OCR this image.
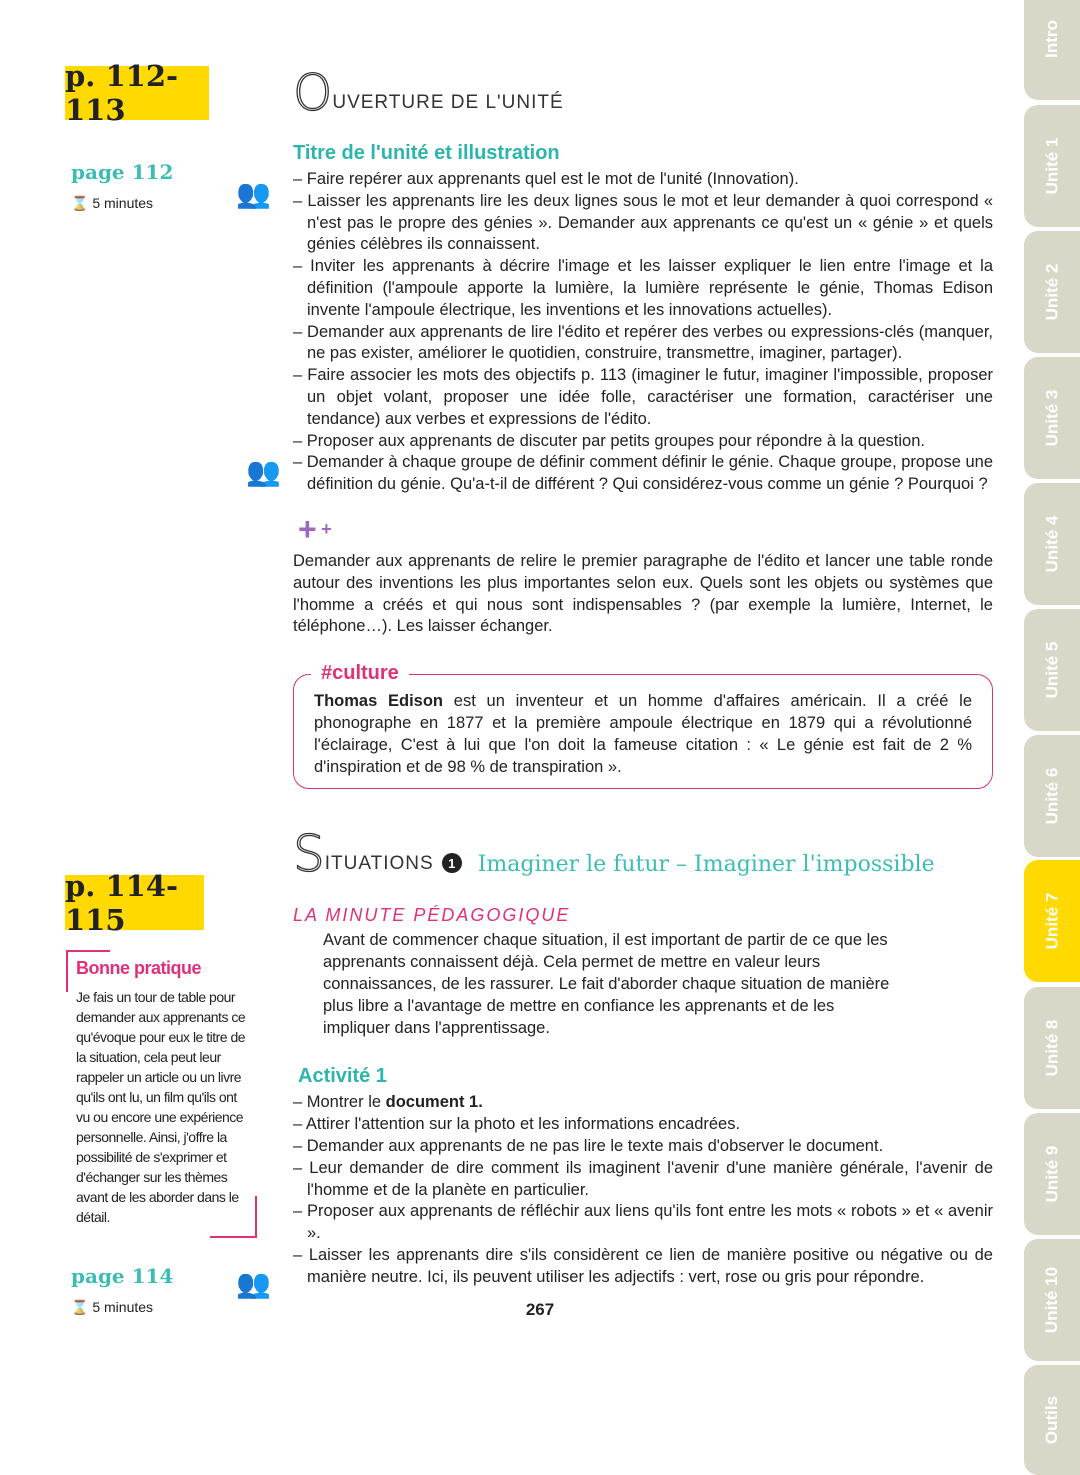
Intro
Unité 1
Unité 2
Unité 3
Unité 4
Unité 5
Unité 6
Unité 7
Unité 8
Unité 9
Unité 10
Outils
p. 112-113
page 112
⌛ 5 minutes	👥
👥
p. 114-115
Bonne pratique
Je fais un tour de table pour demander aux apprenants ce qu'évoque pour eux le titre de la situation, cela peut leur rappeler un article ou un livre qu'ils ont lu, un film qu'ils ont vu ou encore une expérience personnelle. Ainsi, j'offre la possibilité de s'exprimer et d'échanger sur les thèmes avant de les aborder dans le détail.
page 114
⌛ 5 minutes
👥
O UVERTURE DE L'UNITÉ
Titre de l'unité et illustration
– Faire repérer aux apprenants quel est le mot de l'unité (Innovation).
– Laisser les apprenants lire les deux lignes sous le mot et leur demander à quoi correspond « n'est pas le propre des génies ». Demander aux apprenants ce qu'est un « génie » et quels génies célèbres ils connaissent.
– Inviter les apprenants à décrire l'image et les laisser expliquer le lien entre l'image et la définition (l'ampoule apporte la lumière, la lumière représente le génie, Thomas Edison invente l'ampoule électrique, les inventions et les innovations actuelles).
– Demander aux apprenants de lire l'édito et repérer des verbes ou expressions-clés (manquer, ne pas exister, améliorer le quotidien, construire, transmettre, imaginer, partager).
– Faire associer les mots des objectifs p. 113 (imaginer le futur, imaginer l'impossible, proposer un objet volant, proposer une idée folle, caractériser une formation, caractériser une tendance) aux verbes et expressions de l'édito.
– Proposer aux apprenants de discuter par petits groupes pour répondre à la question.
– Demander à chaque groupe de définir comment définir le génie. Chaque groupe, propose une définition du génie. Qu'a-t-il de différent ? Qui considérez-vous comme un génie ? Pourquoi ?
+ +
Demander aux apprenants de relire le premier paragraphe de l'édito et lancer une table ronde autour des inventions les plus importantes selon eux. Quels sont les objets ou systèmes que l'homme a créés et qui nous sont indispensables ? (par exemple la lumière, Internet, le téléphone…). Les laisser échanger.
#culture
Thomas Edison est un inventeur et un homme d'affaires américain. Il a créé le phonographe en 1877 et la première ampoule électrique en 1879 qui a révolutionné l'éclairage, C'est à lui que l'on doit la fameuse citation : « Le génie est fait de 2 % d'inspiration et de 98 % de transpiration ».
S ITUATIONS	1 Imaginer le futur – Imaginer l'impossible
LA MINUTE PÉDAGOGIQUE
Avant de commencer chaque situation, il est important de partir de ce que les apprenants connaissent déjà. Cela permet de mettre en valeur leurs connaissances, de les rassurer. Le fait d'aborder chaque situation de manière plus libre a l'avantage de mettre en confiance les apprenants et de les impliquer dans l'apprentissage.
Activité 1
– Montrer le document 1.
– Attirer l'attention sur la photo et les informations encadrées.
– Demander aux apprenants de ne pas lire le texte mais d'observer le document.
– Leur demander de dire comment ils imaginent l'avenir d'une manière générale, l'avenir de l'homme et de la planète en particulier.
– Proposer aux apprenants de réfléchir aux liens qu'ils font entre les mots « robots » et « avenir ».
– Laisser les apprenants dire s'ils considèrent ce lien de manière positive ou négative ou de manière neutre. Ici, ils peuvent utiliser les adjectifs : vert, rose ou gris pour répondre.
267
